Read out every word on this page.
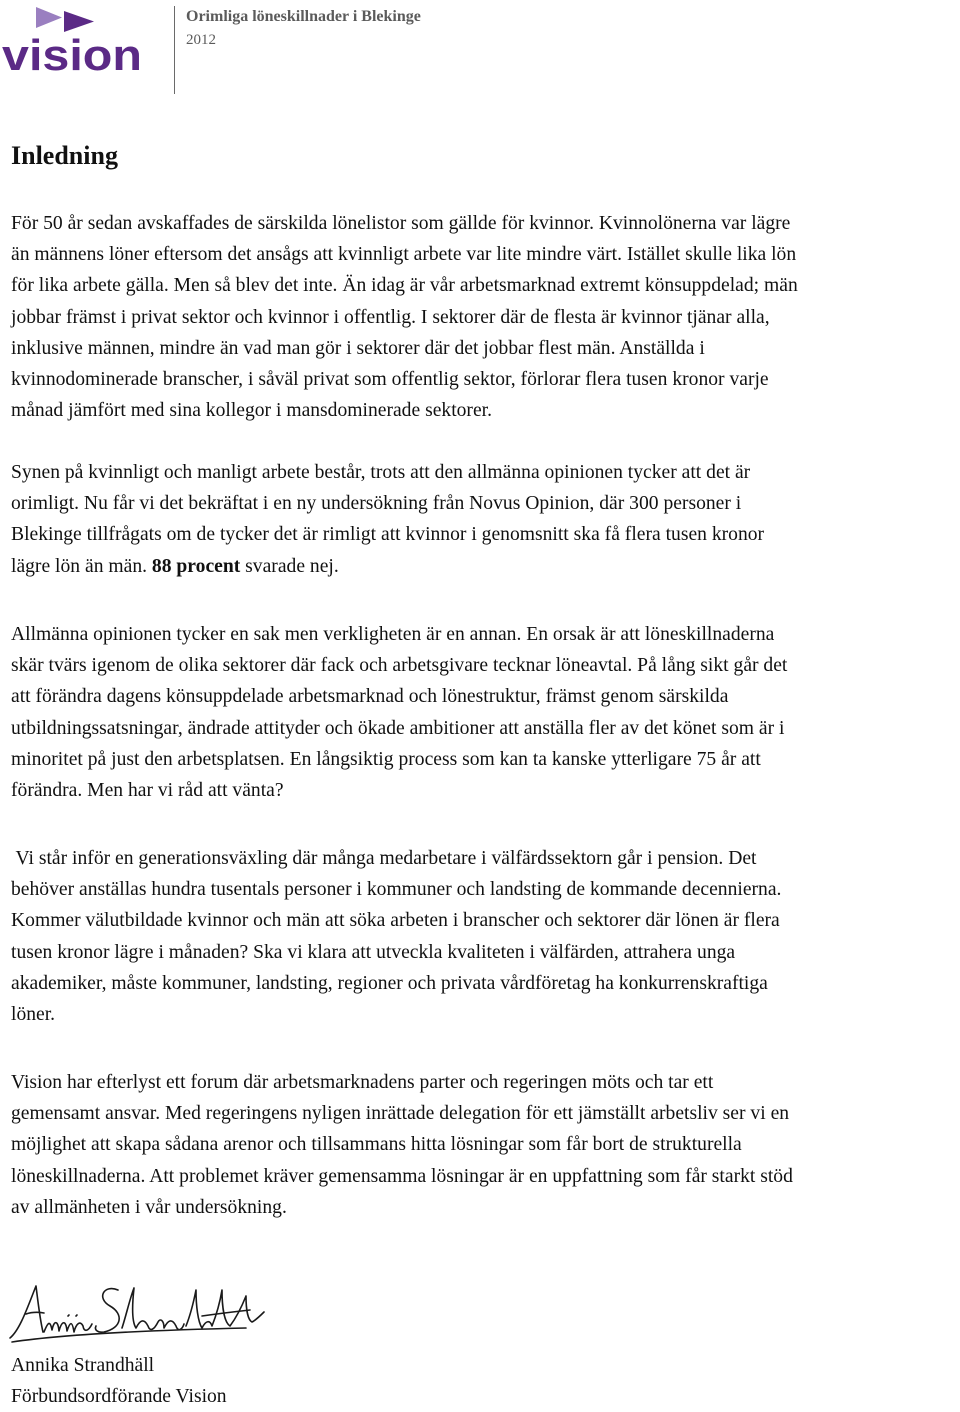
vision
Orimliga löneskillnader i Blekinge
2012
Inledning

För 50 år sedan avskaffades de särskilda lönelistor som gällde för kvinnor. Kvinnolönerna var lägre
än männens löner eftersom det ansågs att kvinnligt arbete var lite mindre värt. Istället skulle lika lön
för lika arbete gälla. Men så blev det inte. Än idag är vår arbetsmarknad extremt könsuppdelad; män
jobbar främst i privat sektor och kvinnor i offentlig. I sektorer där de flesta är kvinnor tjänar alla,
inklusive männen, mindre än vad man gör i sektorer där det jobbar flest män. Anställda i
kvinnodominerade branscher, i såväl privat som offentlig sektor, förlorar flera tusen kronor varje
månad jämfört med sina kollegor i mansdominerade sektorer.

Synen på kvinnligt och manligt arbete består, trots att den allmänna opinionen tycker att det är
orimligt. Nu får vi det bekräftat i en ny undersökning från Novus Opinion, där 300 personer i
Blekinge tillfrågats om de tycker det är rimligt att kvinnor i genomsnitt ska få flera tusen kronor
lägre lön än män. 88 procent svarade nej.

Allmänna opinionen tycker en sak men verkligheten är en annan. En orsak är att löneskillnaderna
skär tvärs igenom de olika sektorer där fack och arbetsgivare tecknar löneavtal. På lång sikt går det
att förändra dagens könsuppdelade arbetsmarknad och lönestruktur, främst genom särskilda
utbildningssatsningar, ändrade attityder och ökade ambitioner att anställa fler av det könet som är i
minoritet på just den arbetsplatsen. En långsiktig process som kan ta kanske ytterligare 75 år att
förändra. Men har vi råd att vänta?

Vi står inför en generationsväxling där många medarbetare i välfärdssektorn går i pension. Det
behöver anställas hundra tusentals personer i kommuner och landsting de kommande decennierna.
Kommer välutbildade kvinnor och män att söka arbeten i branscher och sektorer där lönen är flera
tusen kronor lägre i månaden? Ska vi klara att utveckla kvaliteten i välfärden, attrahera unga
akademiker, måste kommuner, landsting, regioner och privata vårdföretag ha konkurrenskraftiga
löner.

Vision har efterlyst ett forum där arbetsmarknadens parter och regeringen möts och tar ett
gemensamt ansvar. Med regeringens nyligen inrättade delegation för ett jämställt arbetsliv ser vi en
möjlighet att skapa sådana arenor och tillsammans hitta lösningar som får bort de strukturella
löneskillnaderna. Att problemet kräver gemensamma lösningar är en uppfattning som får starkt stöd
av allmänheten i vår undersökning.

Annika Strandhäll
Förbundsordförande Vision
